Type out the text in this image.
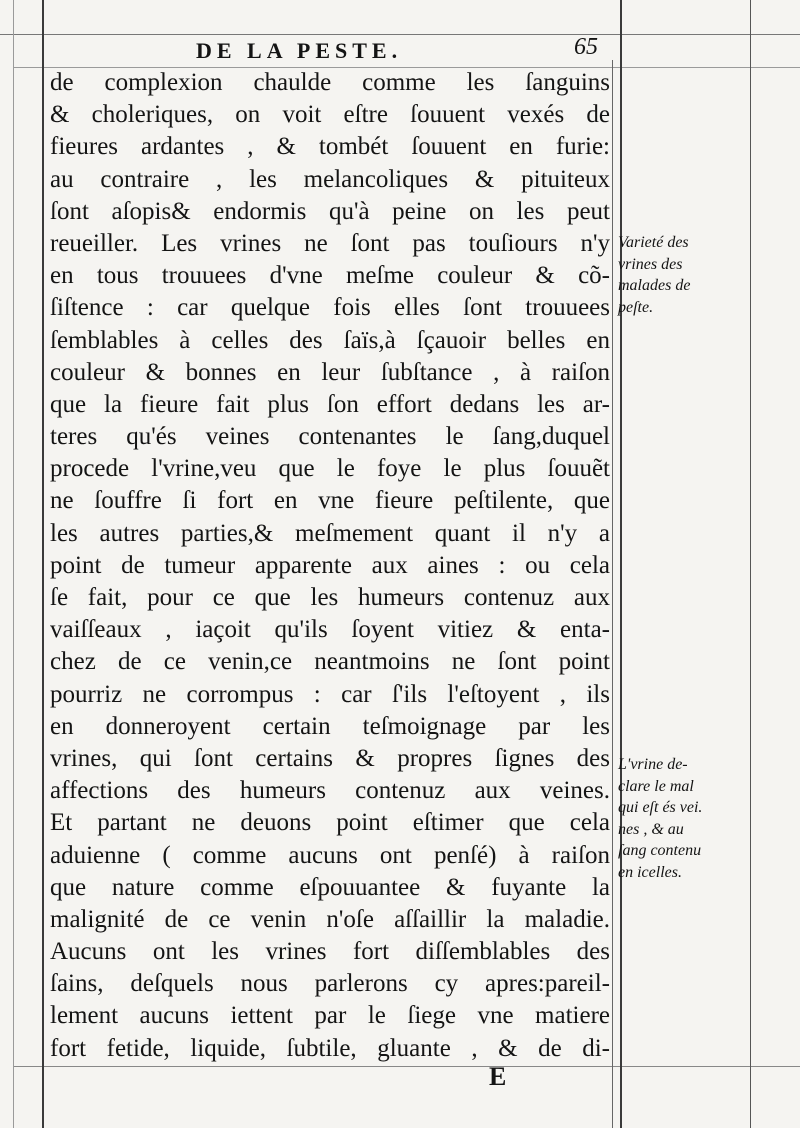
DE LA PESTE.	65
de complexion chaulde comme les ſanguins
& choleriques, on voit eſtre ſouuent vexés de
fieures ardantes , & tombét ſouuent en furie:
au contraire , les melancoliques & pituiteux
ſont aſopis& endormis qu'à peine on les peut
reueiller. Les vrines ne ſont pas touſiours n'y
en tous trouuees d'vne meſme couleur & cõ-
ſiſtence : car quelque fois elles ſont trouuees
ſemblables à celles des ſaïs,à ſçauoir belles en
couleur & bonnes en leur ſubſtance , à raiſon
que la fieure fait plus ſon effort dedans les ar-
teres qu'és veines contenantes le ſang,duquel
procede l'vrine,veu que le foye le plus ſouuẽt
ne ſouffre ſi fort en vne fieure peſtilente, que
les autres parties,& meſmement quant il n'y a
point de tumeur apparente aux aines : ou cela
ſe fait, pour ce que les humeurs contenuz aux
vaiſſeaux , iaçoit qu'ils ſoyent vitiez & enta-
chez de ce venin,ce neantmoins ne ſont point
pourriz ne corrompus : car ſ'ils l'eſtoyent , ils
en donneroyent certain teſmoignage par les
vrines, qui ſont certains & propres ſignes des
affections des humeurs contenuz aux veines.
Et partant ne deuons point eſtimer que cela
aduienne ( comme aucuns ont penſé) à raiſon
que nature comme eſpouuantee & fuyante la
malignité de ce venin n'oſe aſſaillir la maladie.
Aucuns ont les vrines fort diſſemblables des
ſains, deſquels nous parlerons cy apres:pareil-
lement aucuns iettent par le ſiege vne matiere
fort fetide, liquide, ſubtile, gluante , & de di-
Varieté des
vrines des
malades de
peſte.
L'vrine de-
clare le mal
qui eſt és vei.
nes , & au
ſang contenu
en icelles.
E
